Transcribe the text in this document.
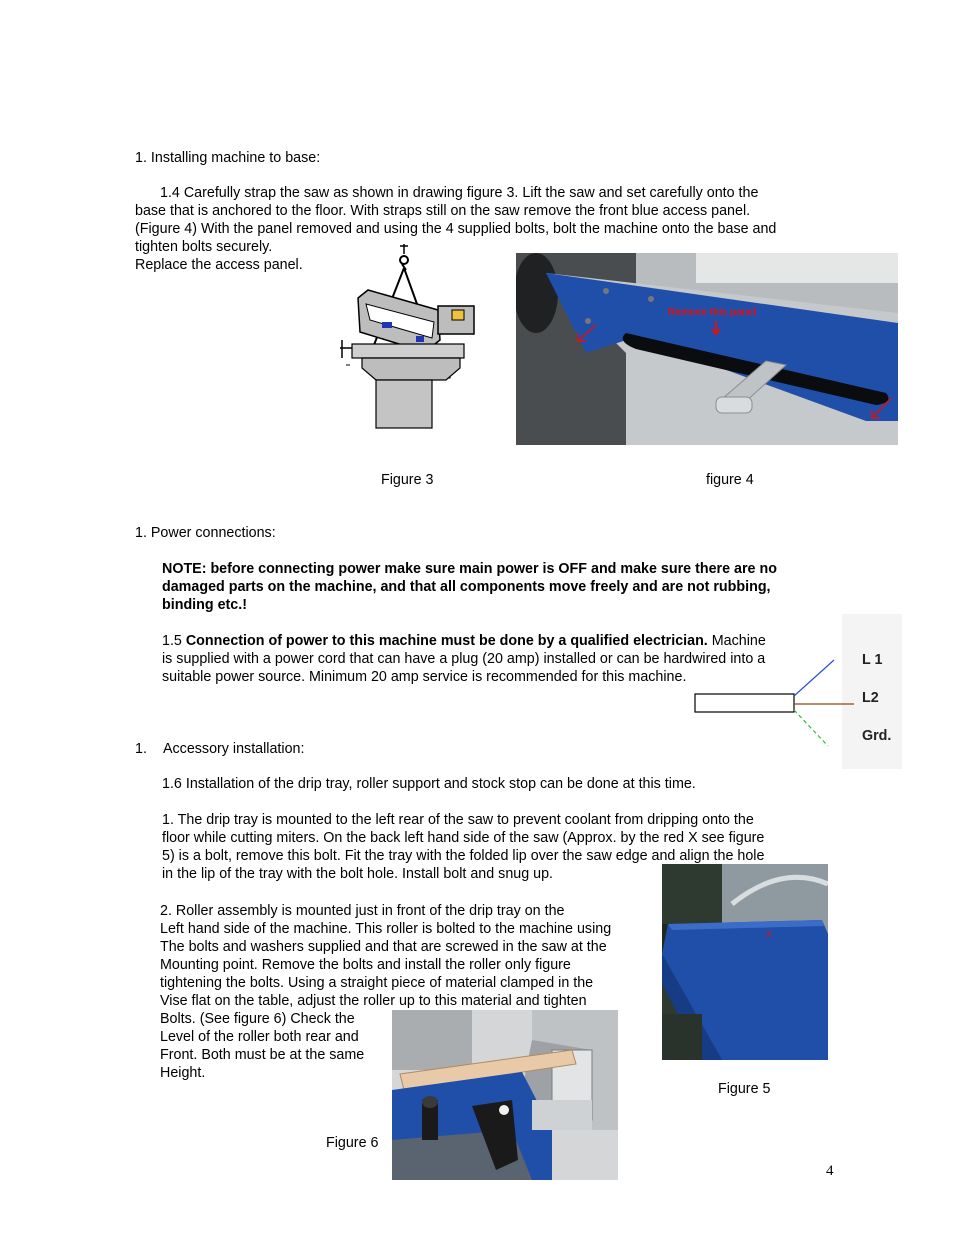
1. Installing machine to base:

1.4 Carefully strap the saw as shown in drawing figure 3. Lift the saw and set carefully onto the

base that is anchored to the floor. With straps still on the saw remove the front blue access panel.

(Figure 4) With the panel removed and using the 4 supplied bolts, bolt the machine onto the base and

tighten bolts securely.

Replace the access panel.

Remove this panel
Figure 3	figure 4
1. Power connections:

NOTE: before connecting power make sure main power is OFF and make sure there are no

damaged parts on the machine, and that all components move freely and are not rubbing,

binding etc.!

1.5 Connection of power to this machine must be done by a qualified electrician. Machine

is supplied with a power cord that can have a plug (20 amp) installed or can be hardwired into a

suitable power source. Minimum 20 amp service is recommended for this machine.

L 1
L2
Grd.
1. Accessory installation:
1.6 Installation of the drip tray, roller support and stock stop can be done at this time.

1. The drip tray is mounted to the left rear of the saw to prevent coolant from dripping onto the

floor while cutting miters. On the back left hand side of the saw (Approx. by the red X see figure

5) is a bolt, remove this bolt. Fit the tray with the folded lip over the saw edge and align the hole

in the lip of the tray with the bolt hole. Install bolt and snug up.

2. Roller assembly is mounted just in front of the drip tray on the

Left hand side of the machine. This roller is bolted to the machine using

The bolts and washers supplied and that are screwed in the saw at the

Mounting point. Remove the bolts and install the roller only figure

tightening the bolts. Using a straight piece of material clamped in the

Vise flat on the table, adjust the roller up to this material and tighten

Bolts. (See figure 6) Check the

Level of the roller both rear and

Front. Both must be at the same

Height.

x
Figure 5
Figure 6
4
